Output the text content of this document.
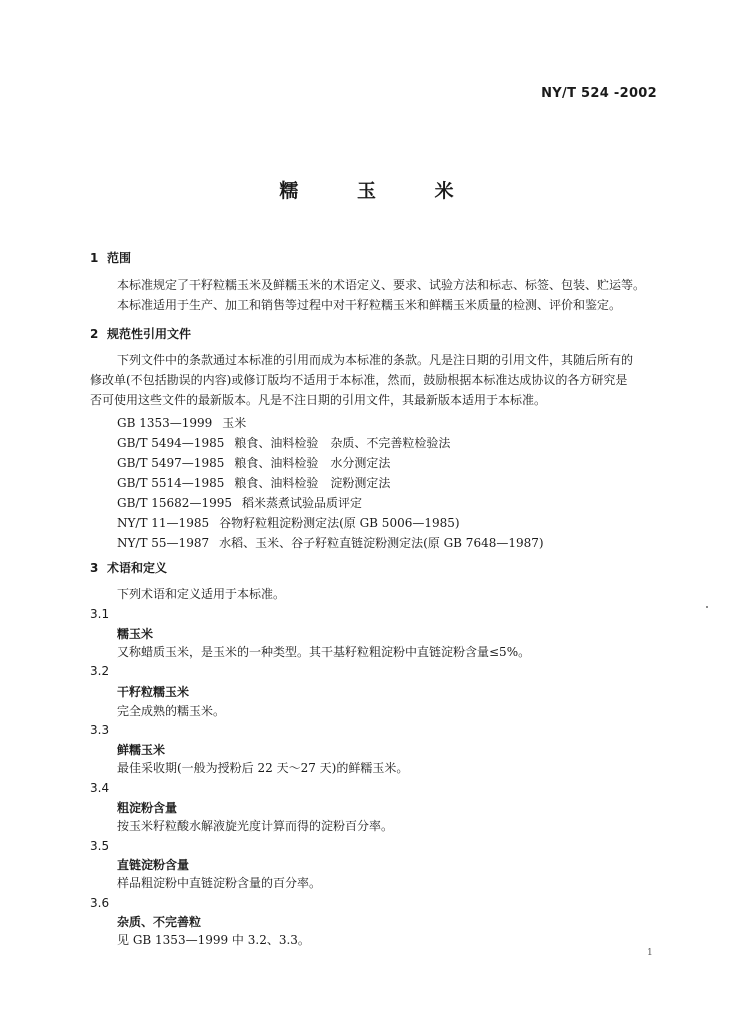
NY/T 524 -2002
糯 玉 米
1 范围
本标准规定了干籽粒糯玉米及鲜糯玉米的术语定义、要求、试验方法和标志、标签、包装、贮运等。
本标准适用于生产、加工和销售等过程中对干籽粒糯玉米和鲜糯玉米质量的检测、评价和鉴定。
2 规范性引用文件
下列文件中的条款通过本标准的引用而成为本标准的条款。凡是注日期的引用文件，其随后所有的
修改单(不包括勘误的内容)或修订版均不适用于本标准，然而，鼓励根据本标准达成协议的各方研究是
否可使用这些文件的最新版本。凡是不注日期的引用文件，其最新版本适用于本标准。
GB 1353—1999 玉米
GB/T 5494—1985 粮食、油料检验　杂质、不完善粒检验法
GB/T 5497—1985 粮食、油料检验　水分测定法
GB/T 5514—1985 粮食、油料检验　淀粉测定法
GB/T 15682—1995 稻米蒸煮试验品质评定
NY/T 11—1985 谷物籽粒粗淀粉测定法(原 GB 5006—1985)
NY/T 55—1987 水稻、玉米、谷子籽粒直链淀粉测定法(原 GB 7648—1987)
3 术语和定义
下列术语和定义适用于本标准。
3.1
糯玉米
又称蜡质玉米，是玉米的一种类型。其干基籽粒粗淀粉中直链淀粉含量≤5%。
3.2
干籽粒糯玉米
完全成熟的糯玉米。
3.3
鲜糯玉米
最佳采收期(一般为授粉后 22 天～27 天)的鲜糯玉米。
3.4
粗淀粉含量
按玉米籽粒酸水解液旋光度计算而得的淀粉百分率。
3.5
直链淀粉含量
样品粗淀粉中直链淀粉含量的百分率。
3.6
杂质、不完善粒
见 GB 1353—1999 中 3.2、3.3。
1
